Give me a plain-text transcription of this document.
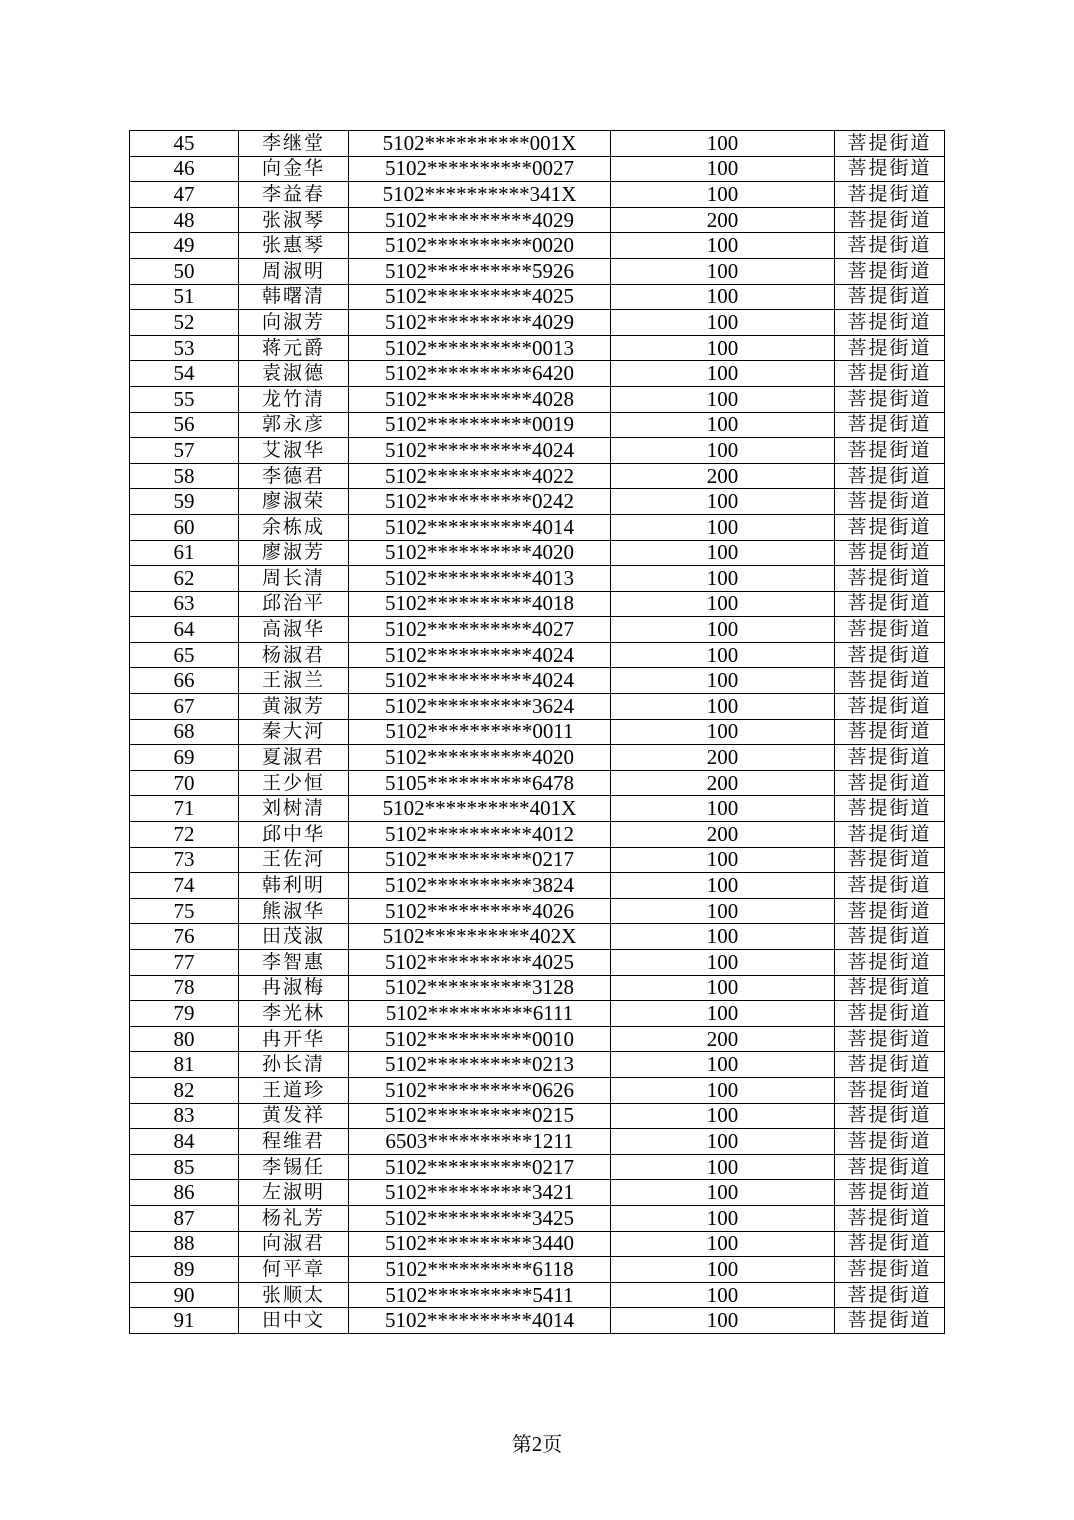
45	李继堂	5102**********001X	100	菩提街道
46	向金华	5102**********0027	100	菩提街道
47	李益春	5102**********341X	100	菩提街道
48	张淑琴	5102**********4029	200	菩提街道
49	张惠琴	5102**********0020	100	菩提街道
50	周淑明	5102**********5926	100	菩提街道
51	韩曙清	5102**********4025	100	菩提街道
52	向淑芳	5102**********4029	100	菩提街道
53	蒋元爵	5102**********0013	100	菩提街道
54	袁淑德	5102**********6420	100	菩提街道
55	龙竹清	5102**********4028	100	菩提街道
56	郭永彦	5102**********0019	100	菩提街道
57	艾淑华	5102**********4024	100	菩提街道
58	李德君	5102**********4022	200	菩提街道
59	廖淑荣	5102**********0242	100	菩提街道
60	余栋成	5102**********4014	100	菩提街道
61	廖淑芳	5102**********4020	100	菩提街道
62	周长清	5102**********4013	100	菩提街道
63	邱治平	5102**********4018	100	菩提街道
64	高淑华	5102**********4027	100	菩提街道
65	杨淑君	5102**********4024	100	菩提街道
66	王淑兰	5102**********4024	100	菩提街道
67	黄淑芳	5102**********3624	100	菩提街道
68	秦大河	5102**********0011	100	菩提街道
69	夏淑君	5102**********4020	200	菩提街道
70	王少恒	5105**********6478	200	菩提街道
71	刘树清	5102**********401X	100	菩提街道
72	邱中华	5102**********4012	200	菩提街道
73	王佐河	5102**********0217	100	菩提街道
74	韩利明	5102**********3824	100	菩提街道
75	熊淑华	5102**********4026	100	菩提街道
76	田茂淑	5102**********402X	100	菩提街道
77	李智惠	5102**********4025	100	菩提街道
78	冉淑梅	5102**********3128	100	菩提街道
79	李光林	5102**********6111	100	菩提街道
80	冉开华	5102**********0010	200	菩提街道
81	孙长清	5102**********0213	100	菩提街道
82	王道珍	5102**********0626	100	菩提街道
83	黄发祥	5102**********0215	100	菩提街道
84	程维君	6503**********1211	100	菩提街道
85	李锡任	5102**********0217	100	菩提街道
86	左淑明	5102**********3421	100	菩提街道
87	杨礼芳	5102**********3425	100	菩提街道
88	向淑君	5102**********3440	100	菩提街道
89	何平章	5102**********6118	100	菩提街道
90	张顺太	5102**********5411	100	菩提街道
91	田中文	5102**********4014	100	菩提街道
第2页
